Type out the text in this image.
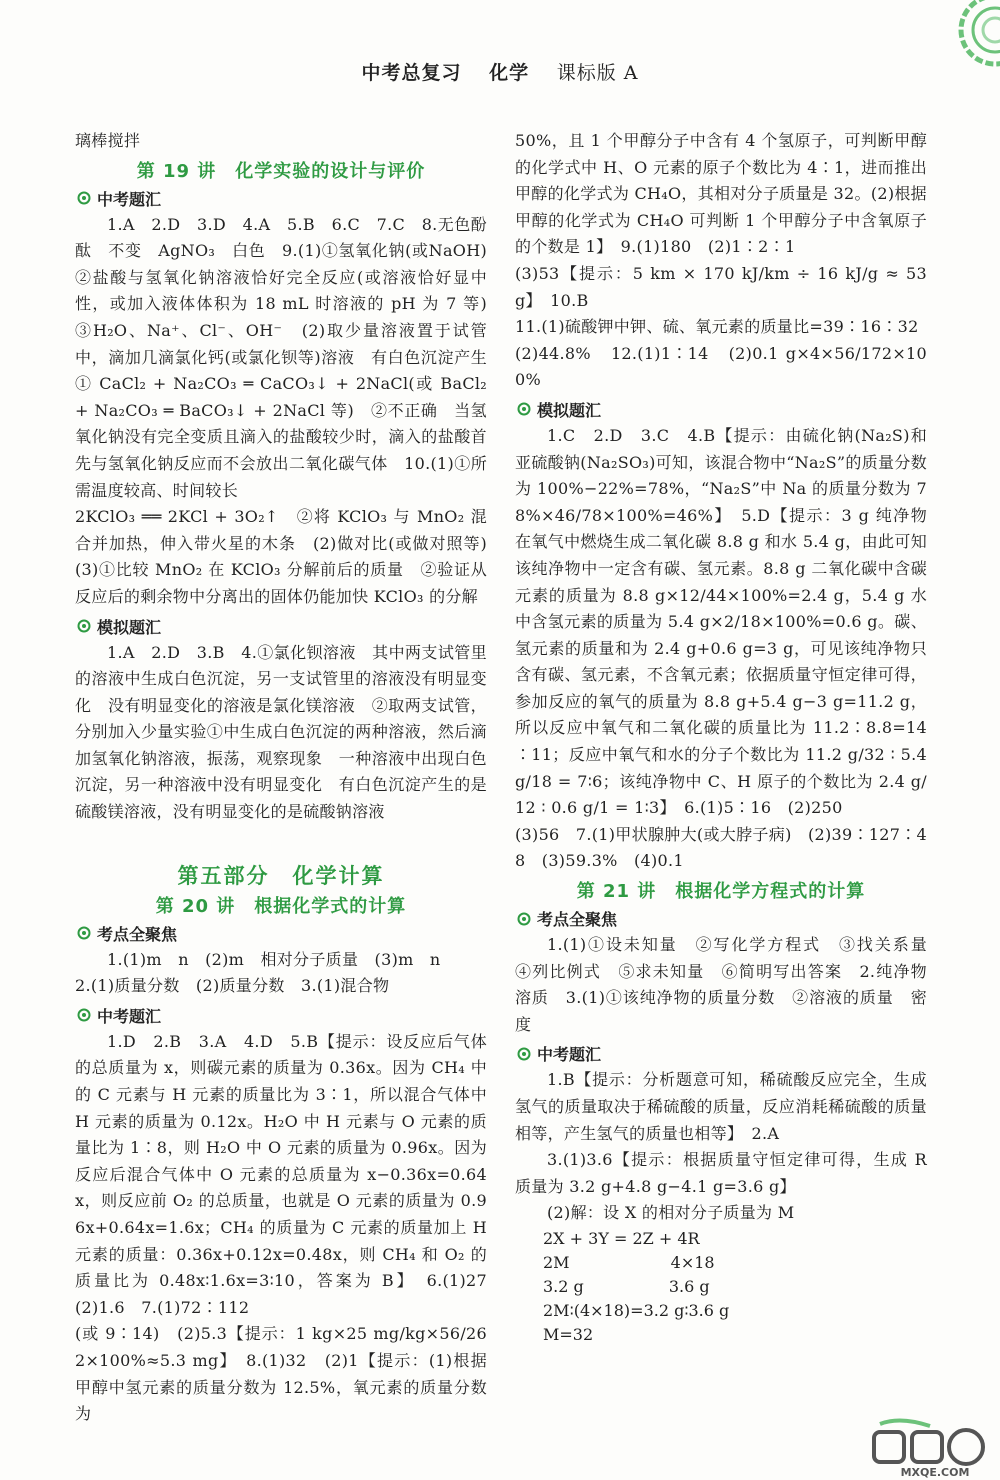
中考总复习 化学 课标版 A

璃棒搅拌

第 19 讲　化学实验的设计与评价
中考题汇

1.A　2.D　3.D　4.A　5.B　6.C　7.C　8.无色酚酞　不变　AgNO₃　白色　9.(1)①氢氧化钠(或NaOH)　②盐酸与氢氧化钠溶液恰好完全反应(或溶液恰好显中性，或加入液体体积为 18 mL 时溶液的 pH 为 7 等)　③H₂O、Na⁺、Cl⁻、OH⁻　(2)取少量溶液置于试管中，滴加几滴氯化钙(或氯化钡等)溶液　有白色沉淀产生　① CaCl₂ + Na₂CO₃ ═ CaCO₃↓ + 2NaCl(或 BaCl₂ + Na₂CO₃ ═ BaCO₃↓ + 2NaCl 等)　②不正确　当氢氧化钠没有完全变质且滴入的盐酸较少时，滴入的盐酸首先与氢氧化钠反应而不会放出二氧化碳气体　10.(1)①所需温度较高、时间较长

2KClO₃ ══ 2KCl + 3O₂↑　②将 KClO₃ 与 MnO₂ 混合并加热，伸入带火星的木条　(2)做对比(或做对照等)　(3)①比较 MnO₂ 在 KClO₃ 分解前后的质量　②验证从反应后的剩余物中分离出的固体仍能加快 KClO₃ 的分解

模拟题汇

1.A　2.D　3.B　4.①氯化钡溶液　其中两支试管里的溶液中生成白色沉淀，另一支试管里的溶液没有明显变化　没有明显变化的溶液是氯化镁溶液　②取两支试管，分别加入少量实验①中生成白色沉淀的两种溶液，然后滴加氢氧化钠溶液，振荡，观察现象　一种溶液中出现白色沉淀，另一种溶液中没有明显变化　有白色沉淀产生的是硫酸镁溶液，没有明显变化的是硫酸钠溶液

第五部分　化学计算
第 20 讲　根据化学式的计算
考点全聚焦

1.(1)m　n　(2)m　相对分子质量　(3)m　n

2.(1)质量分数　(2)质量分数　3.(1)混合物

中考题汇

1.D　2.B　3.A　4.D　5.B【提示：设反应后气体的总质量为 x，则碳元素的质量为 0.36x。因为 CH₄ 中的 C 元素与 H 元素的质量比为 3∶1，所以混合气体中 H 元素的质量为 0.12x。H₂O 中 H 元素与 O 元素的质量比为 1∶8，则 H₂O 中 O 元素的质量为 0.96x。因为反应后混合气体中 O 元素的总质量为 x−0.36x=0.64x，则反应前 O₂ 的总质量，也就是 O 元素的质量为 0.96x+0.64x=1.6x；CH₄ 的质量为 C 元素的质量加上 H 元素的质量：0.36x+0.12x=0.48x，则 CH₄ 和 O₂ 的质量比为 0.48x∶1.6x=3∶10，答案为 B】　6.(1)27　(2)1.6　7.(1)72∶112

(或 9∶14)　(2)5.3【提示：1 kg×25 mg/kg×56/262×100%≈5.3 mg】　8.(1)32　(2)1【提示：(1)根据甲醇中氢元素的质量分数为 12.5%，氧元素的质量分数为

50%，且 1 个甲醇分子中含有 4 个氢原子，可判断甲醇的化学式中 H、O 元素的原子个数比为 4∶1，进而推出甲醇的化学式为 CH₄O，其相对分子质量是 32。(2)根据甲醇的化学式为 CH₄O 可判断 1 个甲醇分子中含氧原子的个数是 1】　9.(1)180　(2)1∶2∶1

(3)53【提示：5 km × 170 kJ/km ÷ 16 kJ/g ≈ 53 g】　10.B

11.(1)硫酸钾中钾、硫、氧元素的质量比=39∶16∶32

(2)44.8%　12.(1)1∶14　(2)0.1 g×4×56/172×100%

模拟题汇

1.C　2.D　3.C　4.B【提示：由硫化钠(Na₂S)和亚硫酸钠(Na₂SO₃)可知，该混合物中“Na₂S”的质量分数为 100%−22%=78%，“Na₂S”中 Na 的质量分数为 78%×46/78×100%=46%】　5.D【提示：3 g 纯净物在氧气中燃烧生成二氧化碳 8.8 g 和水 5.4 g，由此可知该纯净物中一定含有碳、氢元素。8.8 g 二氧化碳中含碳元素的质量为 8.8 g×12/44×100%=2.4 g，5.4 g 水中含氢元素的质量为 5.4 g×2/18×100%=0.6 g。碳、氢元素的质量和为 2.4 g+0.6 g=3 g，可见该纯净物只含有碳、氢元素，不含氧元素；依据质量守恒定律可得，参加反应的氧气的质量为 8.8 g+5.4 g−3 g=11.2 g，所以反应中氧气和二氧化碳的质量比为 11.2∶8.8=14∶11；反应中氧气和水的分子个数比为 11.2 g/32 ∶ 5.4 g/18 = 7∶6；该纯净物中 C、H 原子的个数比为 2.4 g/12 ∶ 0.6 g/1 = 1∶3】　6.(1)5∶16　(2)250

(3)56　7.(1)甲状腺肿大(或大脖子病)　(2)39∶127∶48　(3)59.3%　(4)0.1

第 21 讲　根据化学方程式的计算
考点全聚焦

1.(1)①设未知量　②写化学方程式　③找关系量　④列比例式　⑤求未知量　⑥简明写出答案　2.纯净物　溶质　3.(1)①该纯净物的质量分数　②溶液的质量　密度

中考题汇

1.B【提示：分析题意可知，稀硫酸反应完全，生成氢气的质量取决于稀硫酸的质量，反应消耗稀硫酸的质量相等，产生氢气的质量也相等】　2.A

3.(1)3.6【提示：根据质量守恒定律可得，生成 R 质量为 3.2 g+4.8 g−4.1 g=3.6 g】

(2)解：设 X 的相对分子质量为 M

2X + 3Y = 2Z + 4R

2M　　　　　　 4×18

3.2 g　　　　　 3.6 g

2M∶(4×18)=3.2 g∶3.6 g

M=32

MXQE.COM
